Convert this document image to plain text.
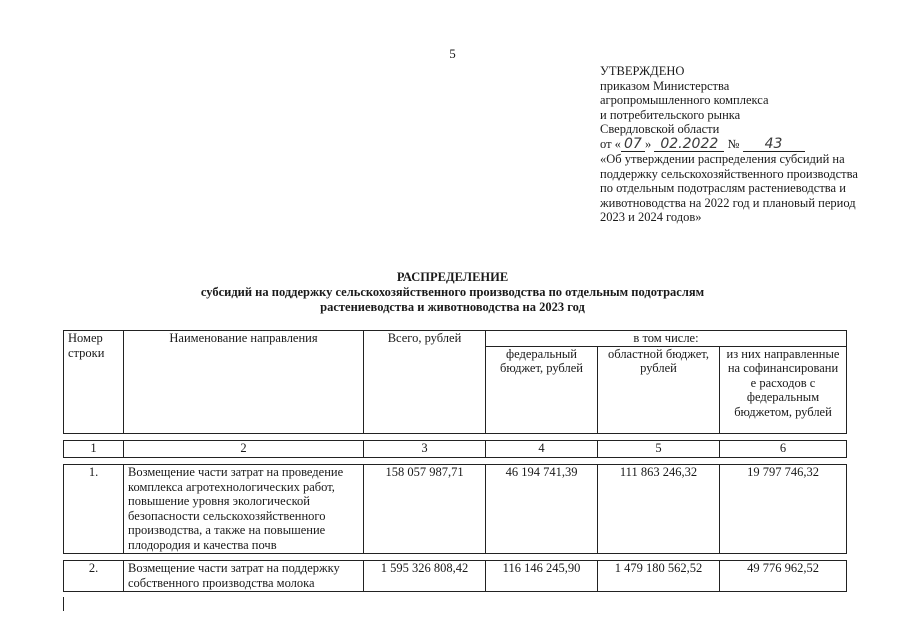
5
УТВЕРЖДЕНО
приказом Министерства
агропромышленного комплекса
и потребительского рынка
Свердловской области
от « 07 » 02.2022 № 43
«Об утверждении распределения субсидий на поддержку сельскохозяйственного производства по отдельным подотраслям растениеводства и животноводства на 2022 год и плановый период 2023 и 2024 годов»
РАСПРЕДЕЛЕНИЕ
субсидий на поддержку сельскохозяйственного производства по отдельным подотраслям
растениеводства и животноводства на 2023 год
Номер строки	Наименование направления	Всего, рублей	в том числе:		
			федеральный бюджет, рублей	областной бюджет, рублей	из них направленные на софинансировани е расходов с федеральным бюджетом, рублей

1	2	3	4	5	6

1.	Возмещение части затрат на проведение комплекса агротехнологических работ, повышение уровня экологической безопасности сельскохозяйственного производства, а также на повышение плодородия и качества почв	158 057 987,71	46 194 741,39	111 863 246,32	19 797 746,32

2.	Возмещение части затрат на поддержку собственного производства молока	1 595 326 808,42	116 146 245,90	1 479 180 562,52	49 776 962,52
